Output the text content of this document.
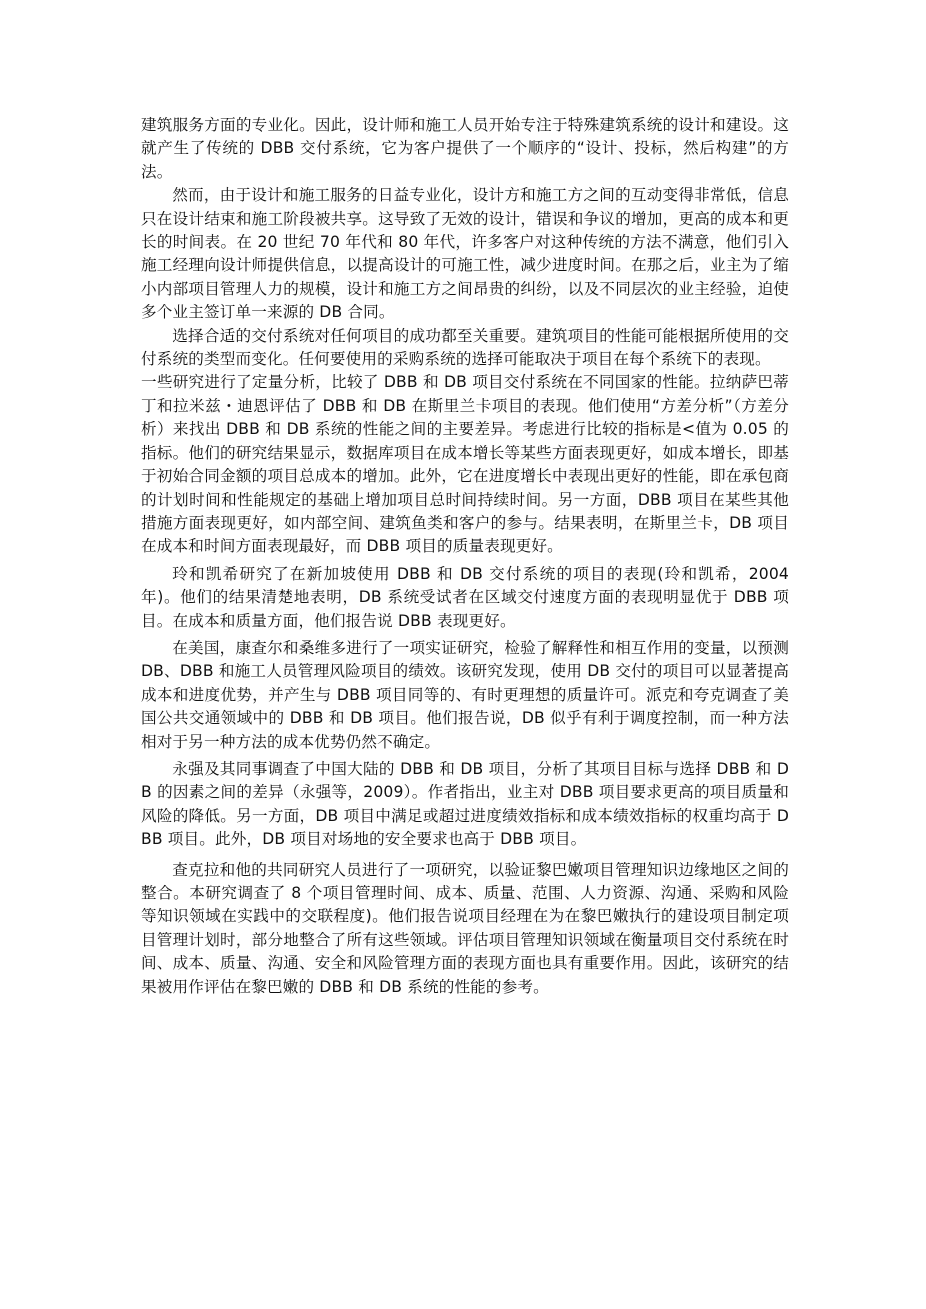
建筑服务方面的专业化。因此，设计师和施工人员开始专注于特殊建筑系统的设计和建设。这就产生了传统的 DBB 交付系统，它为客户提供了一个顺序的“设计、投标，然后构建”的方法。

然而，由于设计和施工服务的日益专业化，设计方和施工方之间的互动变得非常低，信息只在设计结束和施工阶段被共享。这导致了无效的设计，错误和争议的增加，更高的成本和更长的时间表。在 20 世纪 70 年代和 80 年代，许多客户对这种传统的方法不满意，他们引入施工经理向设计师提供信息，以提高设计的可施工性，减少进度时间。在那之后，业主为了缩小内部项目管理人力的规模，设计和施工方之间昂贵的纠纷，以及不同层次的业主经验，迫使多个业主签订单一来源的 DB 合同。

选择合适的交付系统对任何项目的成功都至关重要。建筑项目的性能可能根据所使用的交付系统的类型而变化。任何要使用的采购系统的选择可能取决于项目在每个系统下的表现。

一些研究进行了定量分析，比较了 DBB 和 DB 项目交付系统在不同国家的性能。拉纳萨巴蒂丁和拉米兹・迪恩评估了 DBB 和 DB 在斯里兰卡项目的表现。他们使用“方差分析”（方差分析）来找出 DBB 和 DB 系统的性能之间的主要差异。考虑进行比较的指标是<值为 0.05 的指标。他们的研究结果显示，数据库项目在成本增长等某些方面表现更好，如成本增长，即基于初始合同金额的项目总成本的增加。此外，它在进度增长中表现出更好的性能，即在承包商的计划时间和性能规定的基础上增加项目总时间持续时间。另一方面，DBB 项目在某些其他措施方面表现更好，如内部空间、建筑鱼类和客户的参与。结果表明，在斯里兰卡，DB 项目在成本和时间方面表现最好，而 DBB 项目的质量表现更好。

玲和凯希研究了在新加坡使用 DBB 和 DB 交付系统的项目的表现(玲和凯希，2004 年)。他们的结果清楚地表明，DB 系统受试者在区域交付速度方面的表现明显优于 DBB 项目。在成本和质量方面，他们报告说 DBB 表现更好。

在美国，康查尔和桑维多进行了一项实证研究，检验了解释性和相互作用的变量，以预测 DB、DBB 和施工人员管理风险项目的绩效。该研究发现，使用 DB 交付的项目可以显著提高成本和进度优势，并产生与 DBB 项目同等的、有时更理想的质量许可。派克和夸克调查了美国公共交通领域中的 DBB 和 DB 项目。他们报告说，DB 似乎有利于调度控制，而一种方法相对于另一种方法的成本优势仍然不确定。

永强及其同事调查了中国大陆的 DBB 和 DB 项目，分析了其项目目标与选择 DBB 和 DB 的因素之间的差异（永强等，2009）。作者指出，业主对 DBB 项目要求更高的项目质量和风险的降低。另一方面，DB 项目中满足或超过进度绩效指标和成本绩效指标的权重均高于 DBB 项目。此外，DB 项目对场地的安全要求也高于 DBB 项目。

查克拉和他的共同研究人员进行了一项研究，以验证黎巴嫩项目管理知识边缘地区之间的整合。本研究调查了 8 个项目管理时间、成本、质量、范围、人力资源、沟通、采购和风险等知识领域在实践中的交联程度)。他们报告说项目经理在为在黎巴嫩执行的建设项目制定项目管理计划时，部分地整合了所有这些领域。评估项目管理知识领域在衡量项目交付系统在时间、成本、质量、沟通、安全和风险管理方面的表现方面也具有重要作用。因此，该研究的结果被用作评估在黎巴嫩的 DBB 和 DB 系统的性能的参考。
